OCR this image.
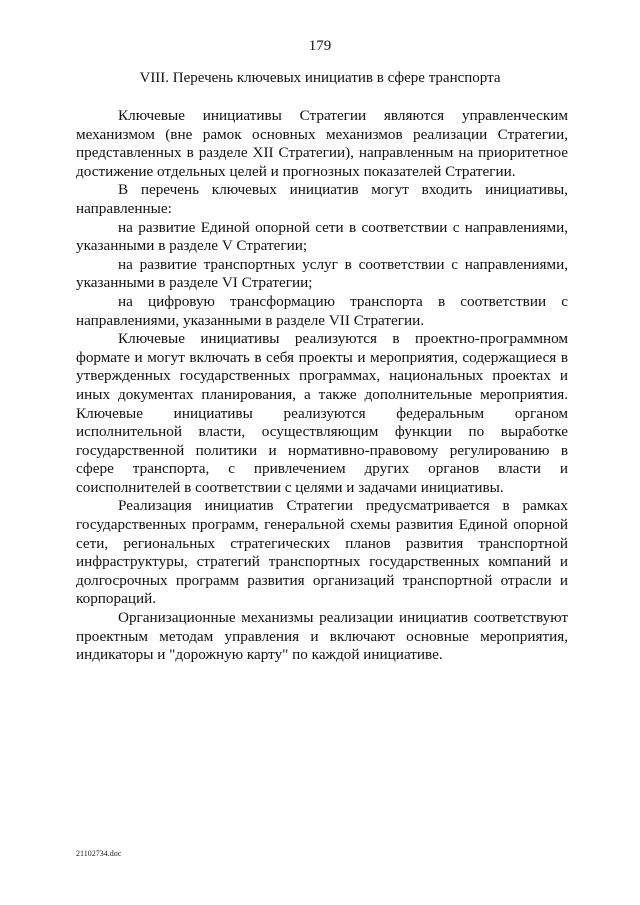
179
VIII. Перечень ключевых инициатив в сфере транспорта

Ключевые инициативы Стратегии являются управленческим механизмом (вне рамок основных механизмов реализации Стратегии, представленных в разделе XII Стратегии), направленным на приоритетное достижение отдельных целей и прогнозных показателей Стратегии.

В перечень ключевых инициатив могут входить инициативы, направленные:

на развитие Единой опорной сети в соответствии с направлениями, указанными в разделе V Стратегии;

на развитие транспортных услуг в соответствии с направлениями, указанными в разделе VI Стратегии;

на цифровую трансформацию транспорта в соответствии с направлениями, указанными в разделе VII Стратегии.

Ключевые инициативы реализуются в проектно-программном формате и могут включать в себя проекты и мероприятия, содержащиеся в утвержденных государственных программах, национальных проектах и иных документах планирования, а также дополнительные мероприятия. Ключевые инициативы реализуются федеральным органом исполнительной власти, осуществляющим функции по выработке государственной политики и нормативно-правовому регулированию в сфере транспорта, с привлечением других органов власти и соисполнителей в соответствии с целями и задачами инициативы.

Реализация инициатив Стратегии предусматривается в рамках государственных программ, генеральной схемы развития Единой опорной сети, региональных стратегических планов развития транспортной инфраструктуры, стратегий транспортных государственных компаний и долгосрочных программ развития организаций транспортной отрасли и корпораций.

Организационные механизмы реализации инициатив соответствуют проектным методам управления и включают основные мероприятия, индикаторы и "дорожную карту" по каждой инициативе.

21102734.doc
